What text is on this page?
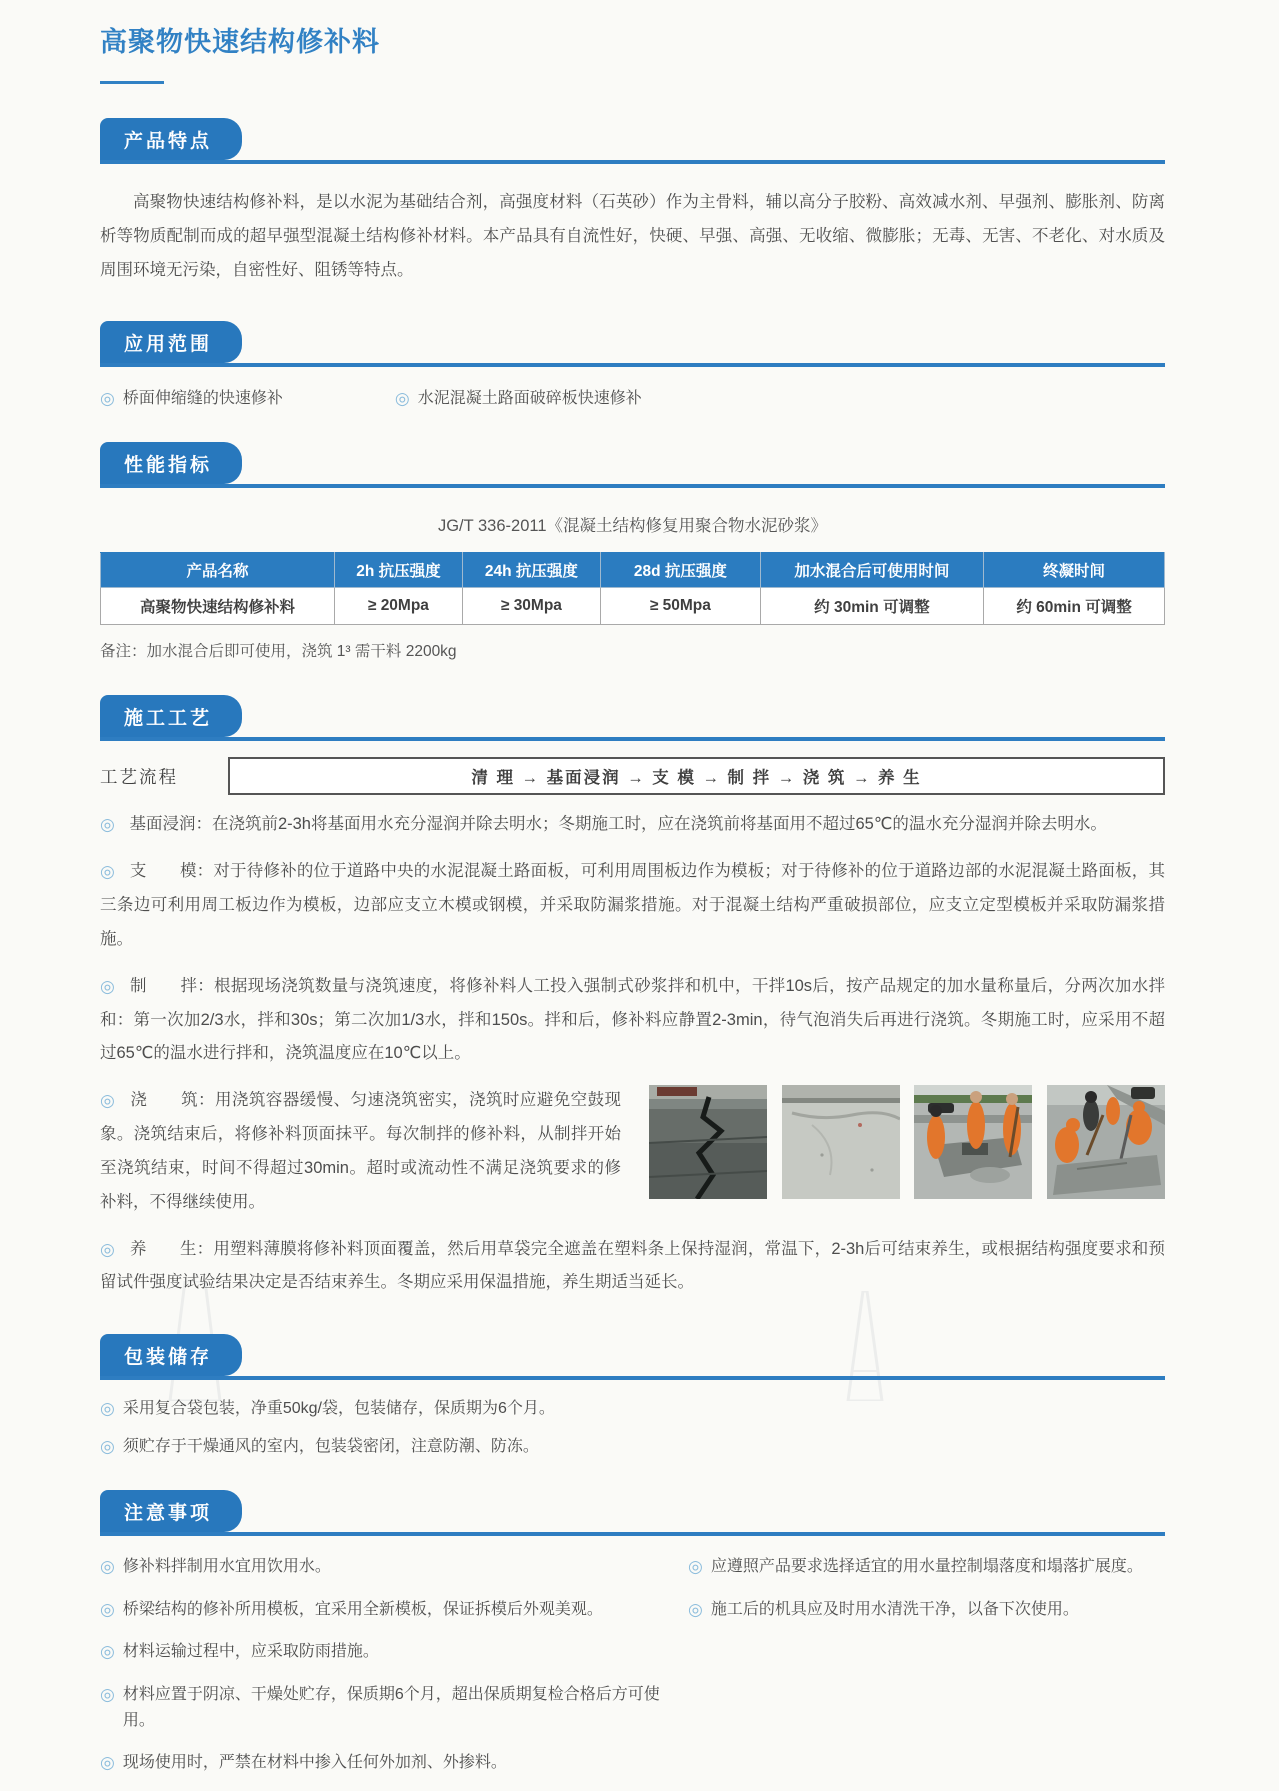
高聚物快速结构修补料
产品特点

高聚物快速结构修补料，是以水泥为基础结合剂，高强度材料（石英砂）作为主骨料，辅以高分子胶粉、高效减水剂、早强剂、膨胀剂、防离析等物质配制而成的超早强型混凝土结构修补材料。本产品具有自流性好，快硬、早强、高强、无收缩、微膨胀；无毒、无害、不老化、对水质及周围环境无污染，自密性好、阻锈等特点。

应用范围
◎ 桥面伸缩缝的快速修补	◎ 水泥混凝土路面破碎板快速修补
性能指标
JG/T 336-2011《混凝土结构修复用聚合物水泥砂浆》
产品名称	2h 抗压强度	24h 抗压强度	28d 抗压强度	加水混合后可使用时间	终凝时间
高聚物快速结构修补料	≥ 20Mpa	≥ 30Mpa	≥ 50Mpa	约 30min 可调整	约 60min 可调整
备注：加水混合后即可使用，浇筑 1³ 需干料 2200kg
施工工艺
工艺流程	清 理 → 基面浸润 → 支 模 → 制 拌 → 浇 筑 → 养 生
◎ 基面浸润：在浇筑前2-3h将基面用水充分湿润并除去明水；冬期施工时，应在浇筑前将基面用不超过65℃的温水充分湿润并除去明水。
◎ 支　　模：对于待修补的位于道路中央的水泥混凝土路面板，可利用周围板边作为模板；对于待修补的位于道路边部的水泥混凝土路面板，其三条边可利用周工板边作为模板，边部应支立木模或钢模，并采取防漏浆措施。对于混凝土结构严重破损部位，应支立定型模板并采取防漏浆措施。
◎ 制　　拌：根据现场浇筑数量与浇筑速度，将修补料人工投入强制式砂浆拌和机中，干拌10s后，按产品规定的加水量称量后，分两次加水拌和：第一次加2/3水，拌和30s；第二次加1/3水，拌和150s。拌和后，修补料应静置2-3min，待气泡消失后再进行浇筑。冬期施工时，应采用不超过65℃的温水进行拌和，浇筑温度应在10℃以上。
◎ 浇　　筑：用浇筑容器缓慢、匀速浇筑密实，浇筑时应避免空鼓现象。浇筑结束后，将修补料顶面抹平。每次制拌的修补料，从制拌开始至浇筑结束，时间不得超过30min。超时或流动性不满足浇筑要求的修补料，不得继续使用。
◎ 养　　生：用塑料薄膜将修补料顶面覆盖，然后用草袋完全遮盖在塑料条上保持湿润，常温下，2-3h后可结束养生，或根据结构强度要求和预留试件强度试验结果决定是否结束养生。冬期应采用保温措施，养生期适当延长。
包装储存
◎ 采用复合袋包装，净重50kg/袋，包装储存，保质期为6个月。
◎ 须贮存于干燥通风的室内，包装袋密闭，注意防潮、防冻。
注意事项
◎ 修补料拌制用水宜用饮用水。
◎ 桥梁结构的修补所用模板，宜采用全新模板，保证拆模后外观美观。
◎ 材料运输过程中，应采取防雨措施。
◎ 材料应置于阴凉、干燥处贮存，保质期6个月，超出保质期复检合格后方可使用。
◎ 现场使用时，严禁在材料中掺入任何外加剂、外掺料。
◎ 应遵照产品要求选择适宜的用水量控制塌落度和塌落扩展度。
◎ 施工后的机具应及时用水清洗干净，以备下次使用。
